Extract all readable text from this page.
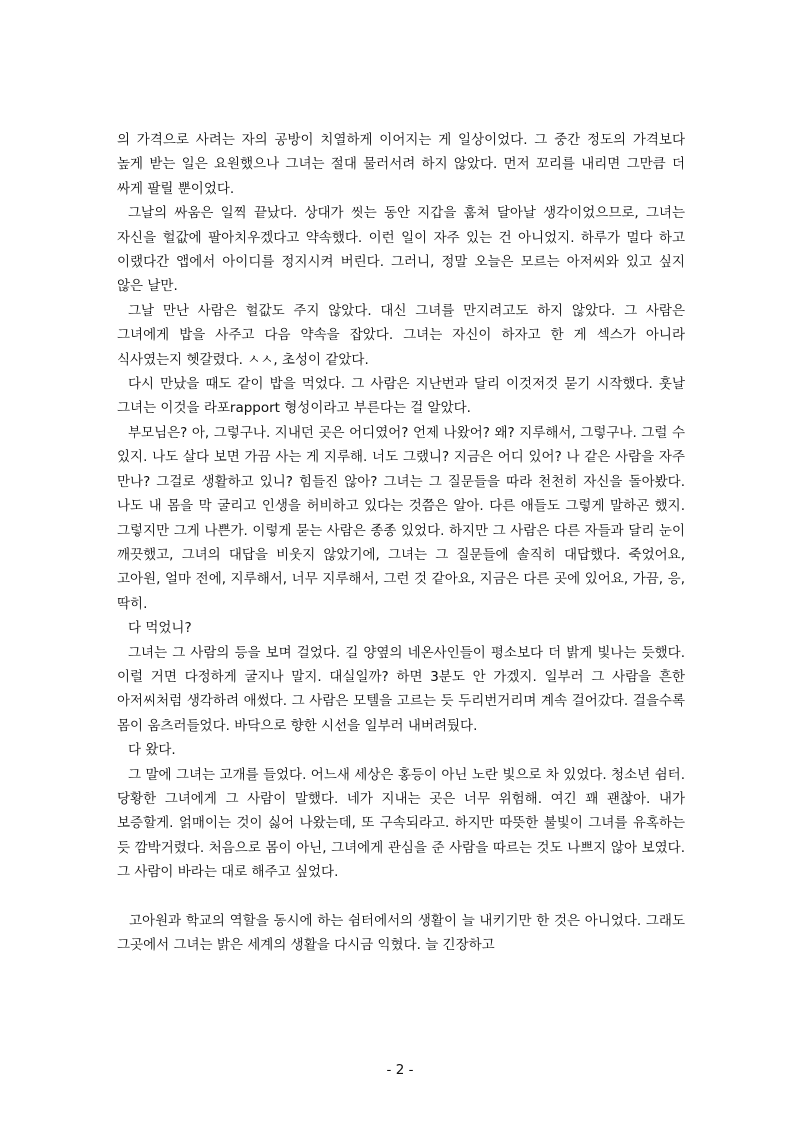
의 가격으로 사려는 자의 공방이 치열하게 이어지는 게 일상이었다. 그 중간 정도의 가격보다 높게 받는 일은 요원했으나 그녀는 절대 물러서려 하지 않았다. 먼저 꼬리를 내리면 그만큼 더 싸게 팔릴 뿐이었다.

그날의 싸움은 일찍 끝났다. 상대가 씻는 동안 지갑을 훔쳐 달아날 생각이었으므로, 그녀는 자신을 헐값에 팔아치우겠다고 약속했다. 이런 일이 자주 있는 건 아니었지. 하루가 멀다 하고 이랬다간 앱에서 아이디를 정지시켜 버린다. 그러니, 정말 오늘은 모르는 아저씨와 있고 싶지 않은 날만.

그날 만난 사람은 헐값도 주지 않았다. 대신 그녀를 만지려고도 하지 않았다. 그 사람은 그녀에게 밥을 사주고 다음 약속을 잡았다. 그녀는 자신이 하자고 한 게 섹스가 아니라 식사였는지 헷갈렸다. ㅅㅅ, 초성이 같았다.

다시 만났을 때도 같이 밥을 먹었다. 그 사람은 지난번과 달리 이것저것 묻기 시작했다. 훗날 그녀는 이것을 라포rapport 형성이라고 부른다는 걸 알았다.

부모님은? 아, 그렇구나. 지내던 곳은 어디였어? 언제 나왔어? 왜? 지루해서, 그렇구나. 그럴 수 있지. 나도 살다 보면 가끔 사는 게 지루해. 너도 그랬니? 지금은 어디 있어? 나 같은 사람을 자주 만나? 그걸로 생활하고 있니? 힘들진 않아? 그녀는 그 질문들을 따라 천천히 자신을 돌아봤다. 나도 내 몸을 막 굴리고 인생을 허비하고 있다는 것쯤은 알아. 다른 애들도 그렇게 말하곤 했지. 그렇지만 그게 나쁜가. 이렇게 묻는 사람은 종종 있었다. 하지만 그 사람은 다른 자들과 달리 눈이 깨끗했고, 그녀의 대답을 비웃지 않았기에, 그녀는 그 질문들에 솔직히 대답했다. 죽었어요, 고아원, 얼마 전에, 지루해서, 너무 지루해서, 그런 것 같아요, 지금은 다른 곳에 있어요, 가끔, 응, 딱히.

다 먹었니?

그녀는 그 사람의 등을 보며 걸었다. 길 양옆의 네온사인들이 평소보다 더 밝게 빛나는 듯했다. 이럴 거면 다정하게 굴지나 말지. 대실일까? 하면 3분도 안 가겠지. 일부러 그 사람을 흔한 아저씨처럼 생각하려 애썼다. 그 사람은 모텔을 고르는 듯 두리번거리며 계속 걸어갔다. 걸을수록 몸이 움츠러들었다. 바닥으로 향한 시선을 일부러 내버려뒀다.

다 왔다.

그 말에 그녀는 고개를 들었다. 어느새 세상은 홍등이 아닌 노란 빛으로 차 있었다. 청소년 쉼터. 당황한 그녀에게 그 사람이 말했다. 네가 지내는 곳은 너무 위험해. 여긴 꽤 괜찮아. 내가 보증할게. 얽매이는 것이 싫어 나왔는데, 또 구속되라고. 하지만 따뜻한 불빛이 그녀를 유혹하는 듯 깜박거렸다. 처음으로 몸이 아닌, 그녀에게 관심을 준 사람을 따르는 것도 나쁘지 않아 보였다. 그 사람이 바라는 대로 해주고 싶었다.

고아원과 학교의 역할을 동시에 하는 쉼터에서의 생활이 늘 내키기만 한 것은 아니었다. 그래도 그곳에서 그녀는 밝은 세계의 생활을 다시금 익혔다. 늘 긴장하고

- 2 -
